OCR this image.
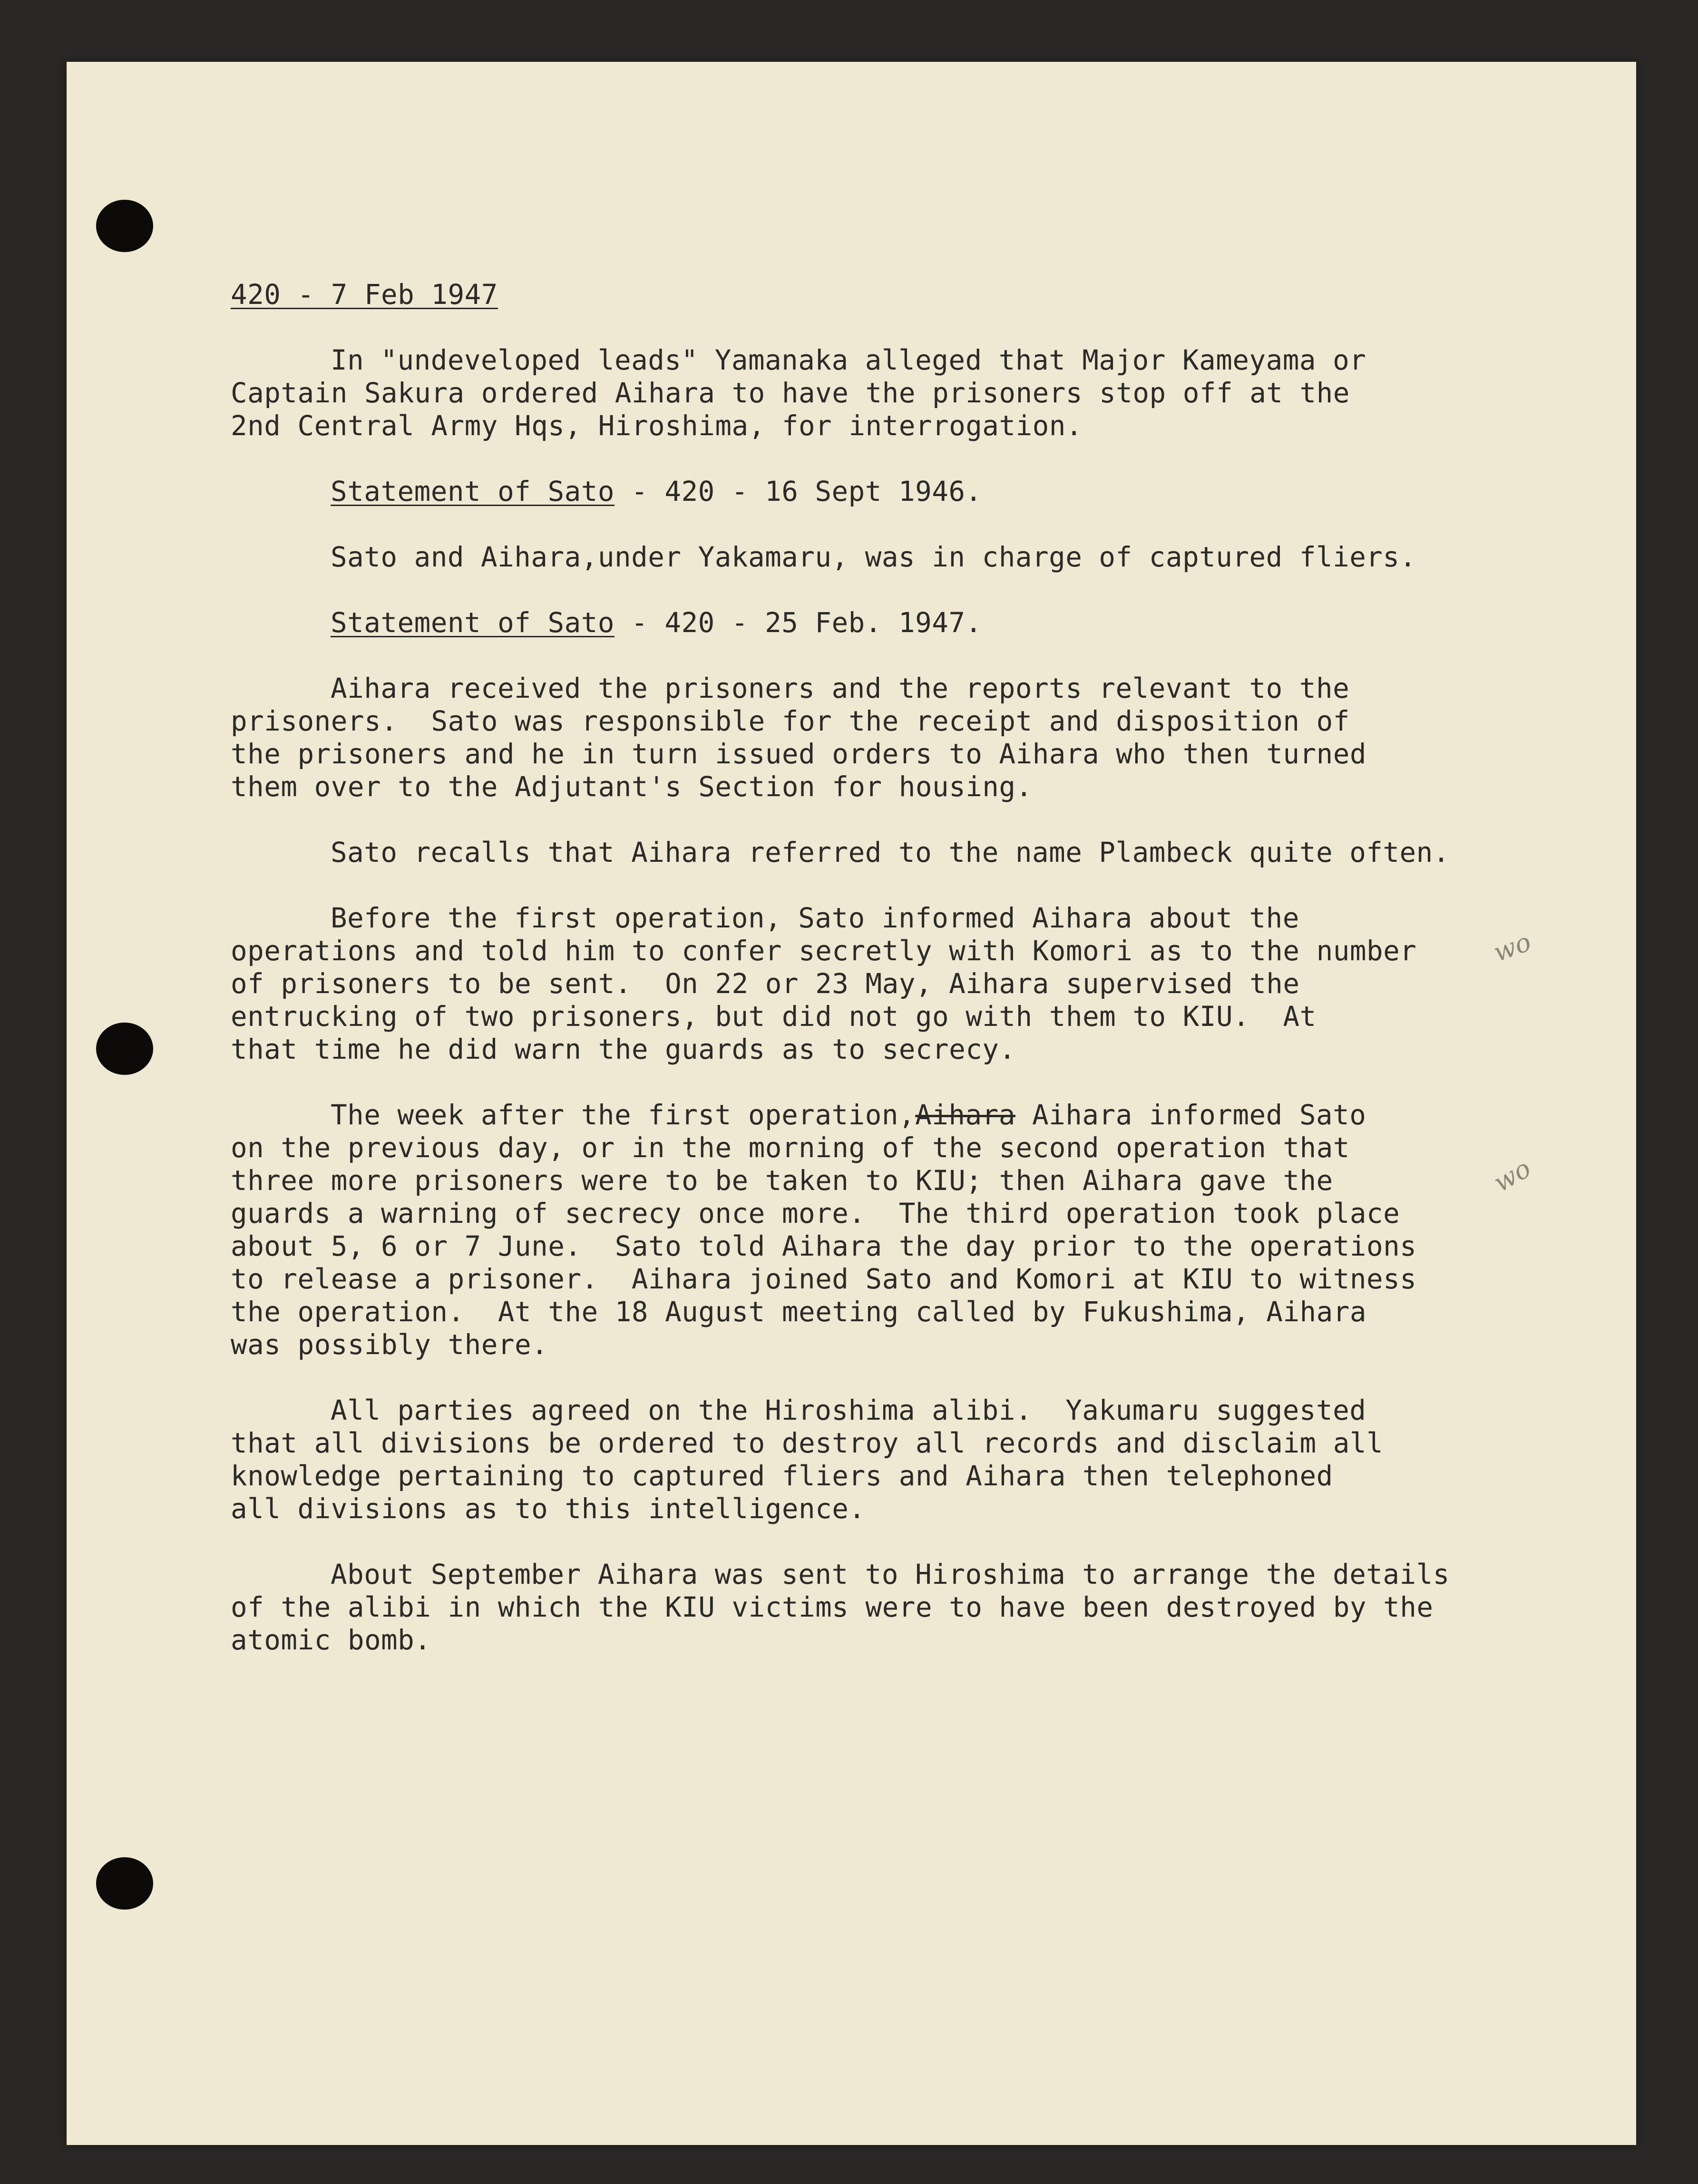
wo
wo

420 - 7 Feb 1947

In "undeveloped leads" Yamanaka alleged that Major Kameyama or

Captain Sakura ordered Aihara to have the prisoners stop off at the

2nd Central Army Hqs, Hiroshima, for interrogation.

Statement of Sato - 420 - 16 Sept 1946.

Sato and Aihara,under Yakamaru, was in charge of captured fliers.

Statement of Sato - 420 - 25 Feb. 1947.

Aihara received the prisoners and the reports relevant to the

prisoners.  Sato was responsible for the receipt and disposition of

the prisoners and he in turn issued orders to Aihara who then turned

them over to the Adjutant's Section for housing.

Sato recalls that Aihara referred to the name Plambeck quite often.

Before the first operation, Sato informed Aihara about the

operations and told him to confer secretly with Komori as to the number

of prisoners to be sent.  On 22 or 23 May, Aihara supervised the

entrucking of two prisoners, but did not go with them to KIU.  At

that time he did warn the guards as to secrecy.

The week after the first operation,Aihara Aihara informed Sato

on the previous day, or in the morning of the second operation that

three more prisoners were to be taken to KIU; then Aihara gave the

guards a warning of secrecy once more.  The third operation took place

about 5, 6 or 7 June.  Sato told Aihara the day prior to the operations

to release a prisoner.  Aihara joined Sato and Komori at KIU to witness

the operation.  At the 18 August meeting called by Fukushima, Aihara

was possibly there.

All parties agreed on the Hiroshima alibi.  Yakumaru suggested

that all divisions be ordered to destroy all records and disclaim all

knowledge pertaining to captured fliers and Aihara then telephoned

all divisions as to this intelligence.

About September Aihara was sent to Hiroshima to arrange the details

of the alibi in which the KIU victims were to have been destroyed by the

atomic bomb.
